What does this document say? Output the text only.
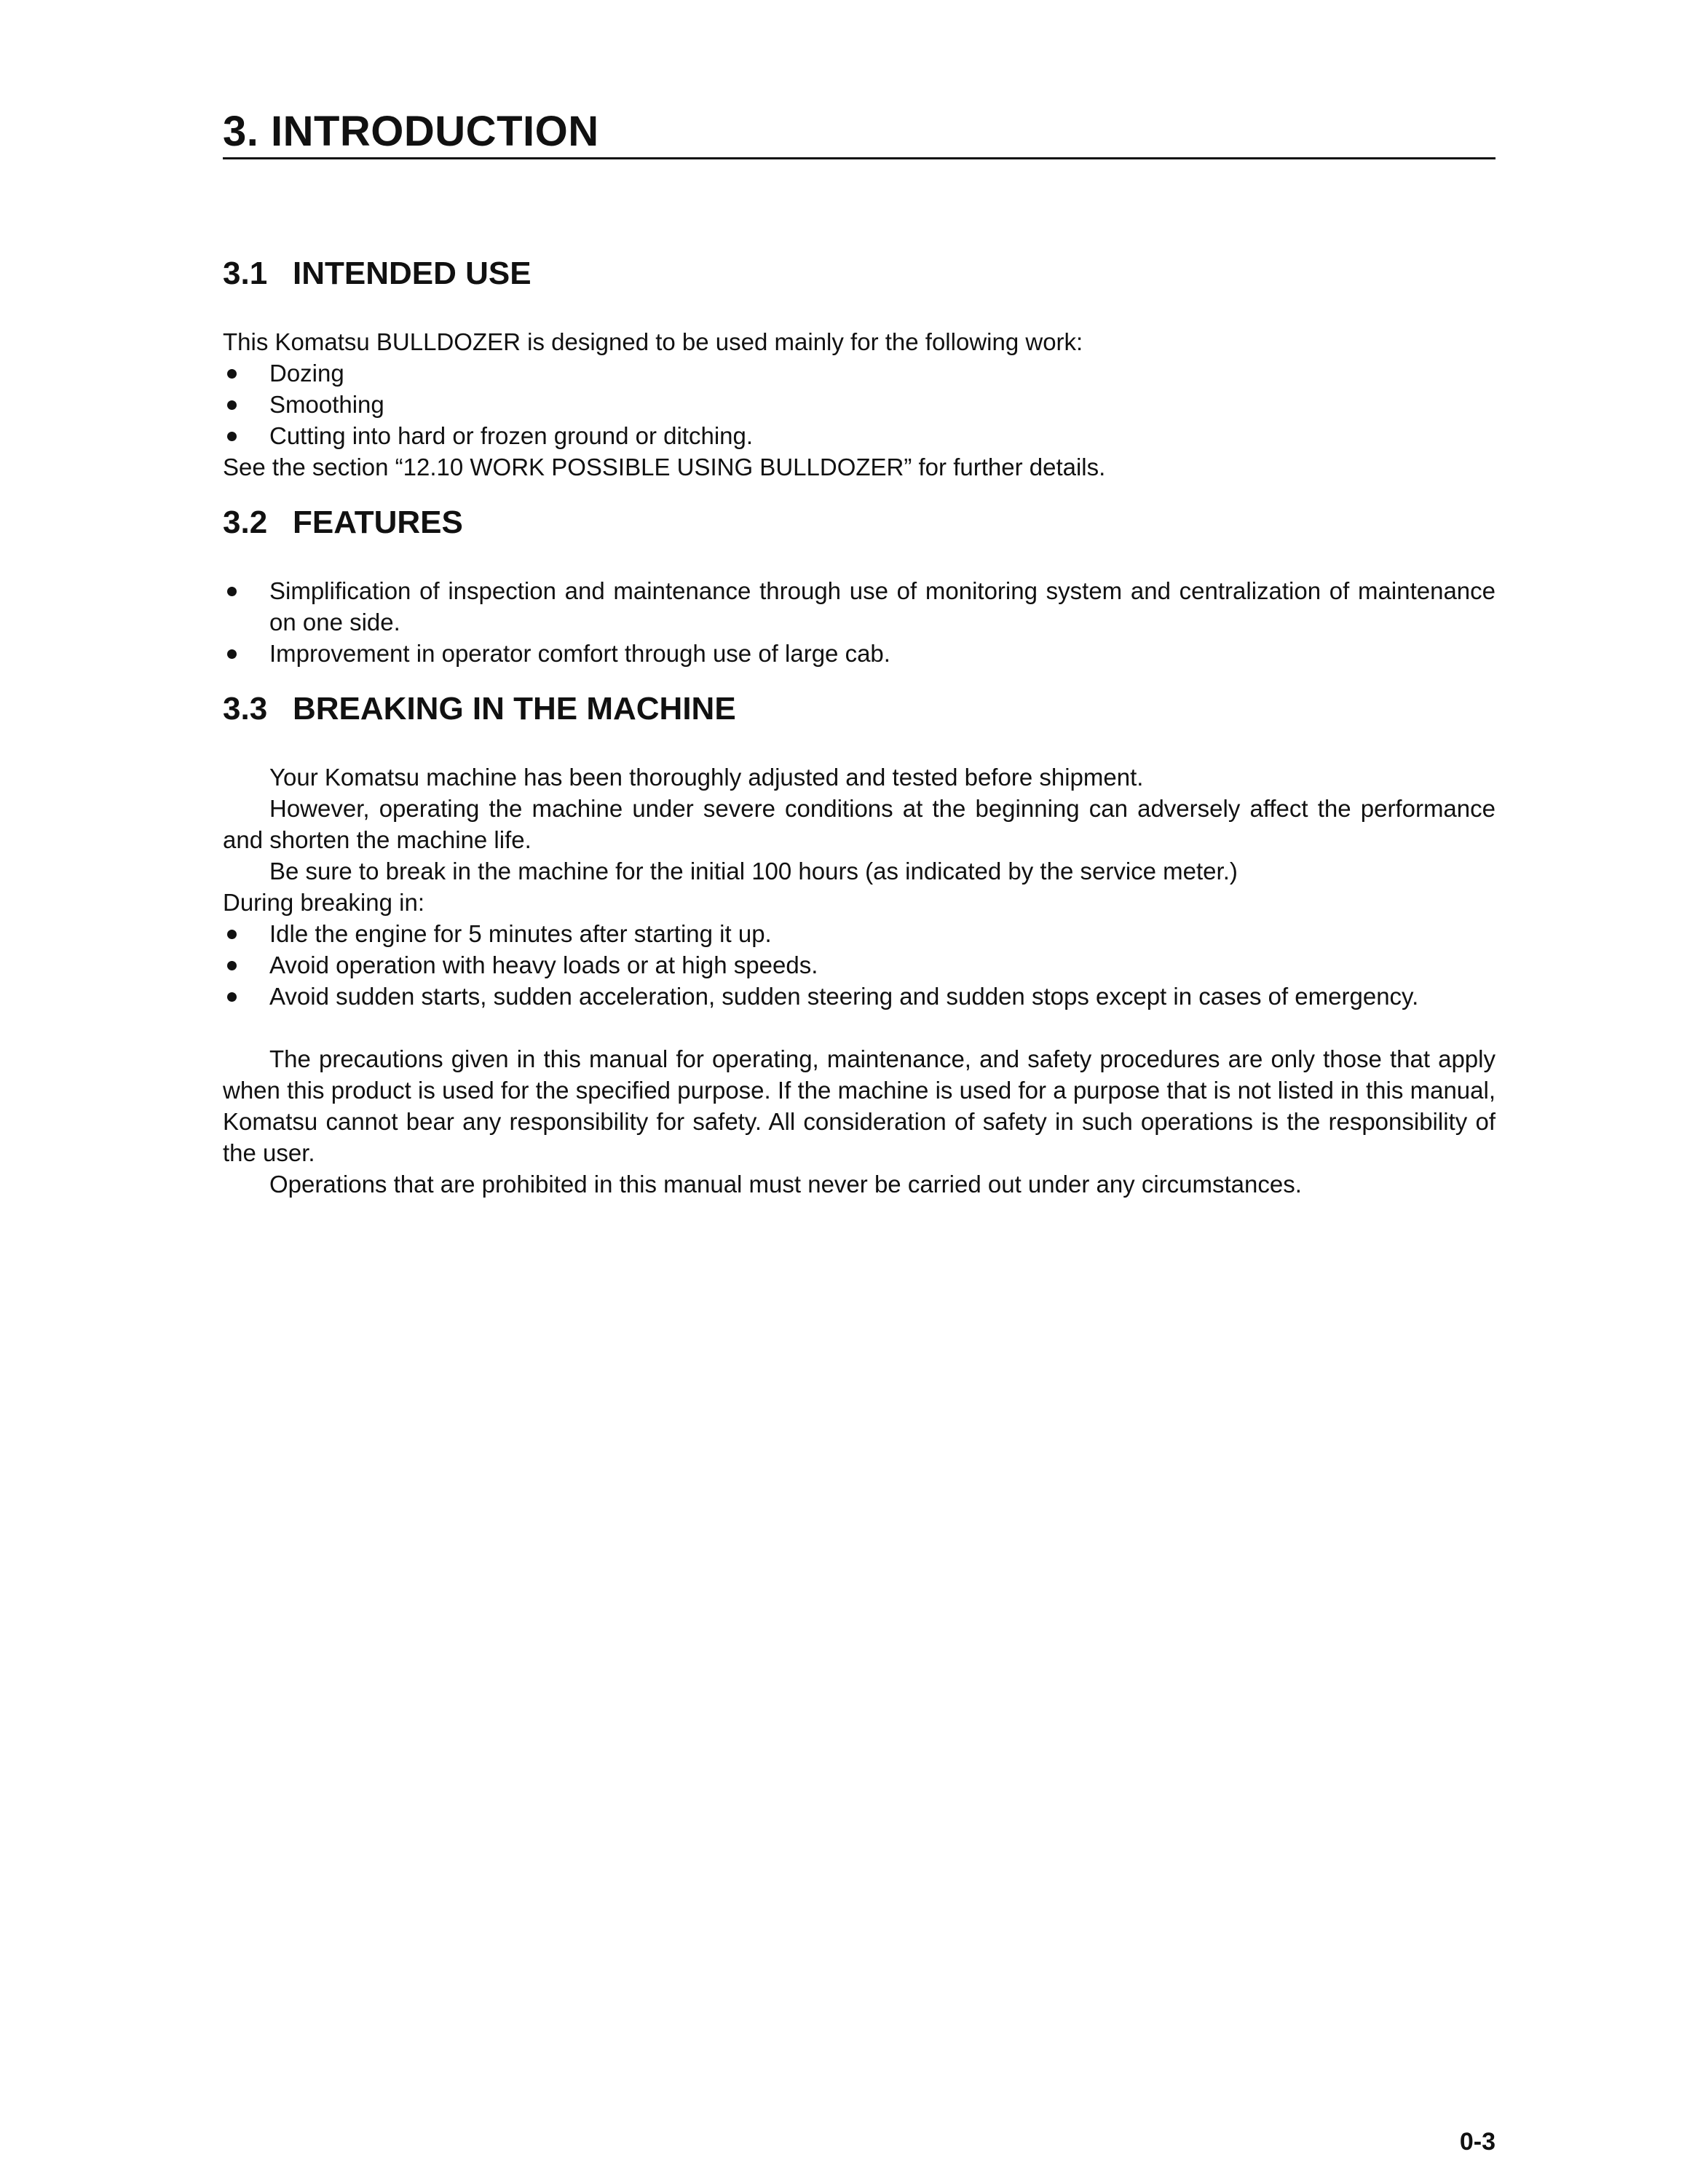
3. INTRODUCTION
3.1 INTENDED USE

This Komatsu BULLDOZER is designed to be used mainly for the following work:

Dozing
Smoothing
Cutting into hard or frozen ground or ditching.

See the section “12.10 WORK POSSIBLE USING BULLDOZER” for further details.

3.2 FEATURES
Simplification of inspection and maintenance through use of monitoring system and centralization of maintenance on one side.
Improvement in operator comfort through use of large cab.
3.3 BREAKING IN THE MACHINE

Your Komatsu machine has been thoroughly adjusted and tested before shipment.

However, operating the machine under severe conditions at the beginning can adversely affect the performance and shorten the machine life.

Be sure to break in the machine for the initial 100 hours (as indicated by the service meter.)

During breaking in:

Idle the engine for 5 minutes after starting it up.
Avoid operation with heavy loads or at high speeds.
Avoid sudden starts, sudden acceleration, sudden steering and sudden stops except in cases of emergency.

The precautions given in this manual for operating, maintenance, and safety procedures are only those that apply when this product is used for the specified purpose. If the machine is used for a purpose that is not listed in this manual, Komatsu cannot bear any responsibility for safety. All consideration of safety in such operations is the responsibility of the user.

Operations that are prohibited in this manual must never be carried out under any circumstances.

0-3
